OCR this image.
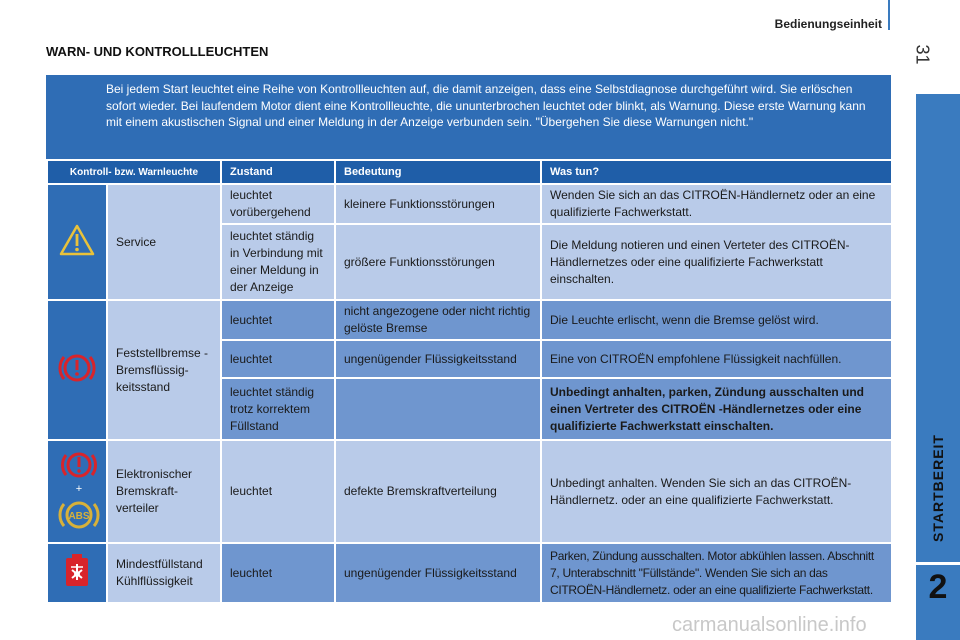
Bedienungseinheit
31
WARN- UND KONTROLLLEUCHTEN
STARTBEREIT
2
Bei jedem Start leuchtet eine Reihe von Kontrollleuchten auf, die damit anzeigen, dass eine Selbstdiagnose durchgeführt wird. Sie erlöschen sofort wieder. Bei laufendem Motor dient eine Kontrollleuchte, die ununterbrochen leuchtet oder blinkt, als Warnung. Diese erste Warnung kann mit einem akustischen Signal und einer Meldung in der Anzeige verbunden sein. "Übergehen Sie diese Warnungen nicht."
Kontroll- bzw. Warnleuchte		Zustand	Bedeutung	Was tun?
	Service	leuchtet vorübergehend	kleinere Funktionsstörungen	Wenden Sie sich an das CITROËN-Händlernetz oder an eine qualifizierte Fachwerkstatt.
		leuchtet ständig in Verbindung mit einer Meldung in der Anzeige	größere Funktionsstörungen	Die Meldung notieren und einen Verteter des CITROËN-Händlernetzes oder eine qualifizierte Fachwerkstatt einschalten.
	Feststellbremse - Bremsflüssig-keitsstand	leuchtet	nicht angezogene oder nicht richtig gelöste Bremse	Die Leuchte erlischt, wenn die Bremse gelöst wird.
		leuchtet	ungenügender Flüssigkeitsstand	Eine von CITROËN empfohlene Flüssigkeit nachfüllen.
		leuchtet ständig trotz korrektem Füllstand		Unbedingt anhalten, parken, Zündung ausschalten und einen Vertreter des CITROËN -Händlernetzes oder eine qualifizierte Fachwerkstatt einschalten.

+
ABS	Elektronischer Bremskraft-verteiler	leuchtet	defekte Bremskraftverteilung	Unbedingt anhalten. Wenden Sie sich an das CITROËN-Händlernetz. oder an eine qualifizierte Fachwerkstatt.
	Mindestfüllstand Kühlflüssigkeit	leuchtet	ungenügender Flüssigkeitsstand	Parken, Zündung ausschalten. Motor abkühlen lassen. Abschnitt 7, Unterabschnitt "Füllstände". Wenden Sie sich an das CITROËN-Händlernetz. oder an eine qualifizierte Fachwerkstatt.
carmanualsonline.info
